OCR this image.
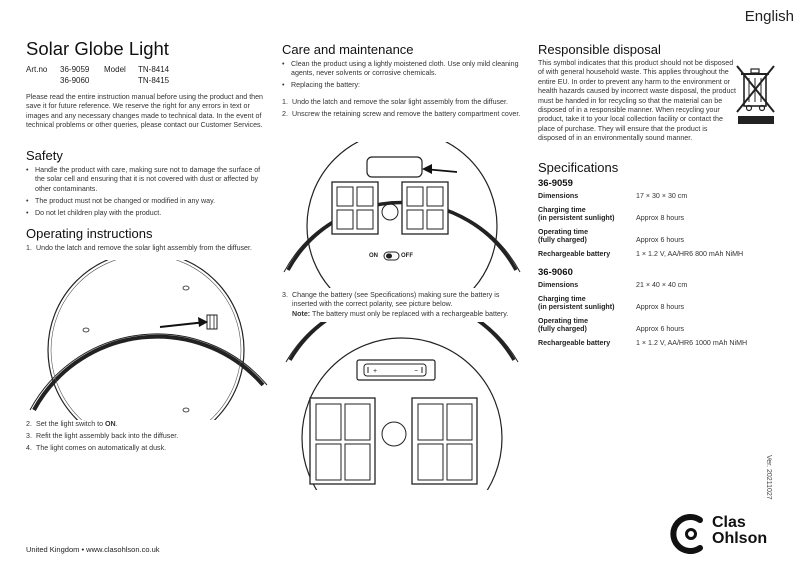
English
Solar Globe Light
Art.no	36-9059	Model	TN-8414
36-9060	TN-8415

Please read the entire instruction manual before using the product and then save it for future reference. We reserve the right for any errors in text or images and any necessary changes made to technical data. In the event of technical problems or other queries, please contact our Customer Services.

Safety
• Handle the product with care, making sure not to damage the surface of the solar cell and ensuring that it is not covered with dust or affected by other contaminants.
• The product must not be changed or modified in any way.
• Do not let children play with the product.
Operating instructions
1. Undo the latch and remove the solar light assembly from the diffuser.
2. Set the light switch to ON.
3. Refit the light assembly back into the diffuser.
4. The light comes on automatically at dusk.
Care and maintenance
• Clean the product using a lightly moistened cloth. Use only mild cleaning agents, never solvents or corrosive chemicals.
• Replacing the battery:
1. Undo the latch and remove the solar light assembly from the diffuser.
2. Unscrew the retaining screw and remove the battery compartment cover.
ON	OFF
3. Change the battery (see Specifications) making sure the battery is inserted with the correct polarity, see picture below.
Note: The battery must only be replaced with a rechargeable battery.
+	−
Responsible disposal

This symbol indicates that this product should not be disposed of with general household waste. This applies throughout the entire EU. In order to prevent any harm to the environment or health hazards caused by incorrect waste disposal, the product must be handed in for recycling so that the material can be disposed of in a responsible manner. When recycling your product, take it to your local collection facility or contact the place of purchase. They will ensure that the product is disposed of in an environmentally sound manner.

Specifications
36-9059
Dimensions	17 × 30 × 30 cm
Charging time
(in persistent sunlight)	Approx 8 hours
Operating time
(fully charged)	Approx 6 hours
Rechargeable battery	1 × 1.2 V, AA/HR6 800 mAh NiMH
36-9060
Dimensions	21 × 40 × 40 cm
Charging time
(in persistent sunlight)	Approx 8 hours
Operating time
(fully charged)	Approx 6 hours
Rechargeable battery	1 × 1.2 V, AA/HR6 1000 mAh NiMH
United Kingdom • www.clasohlson.co.uk
Ver. 20211027
Clas
Ohlson
